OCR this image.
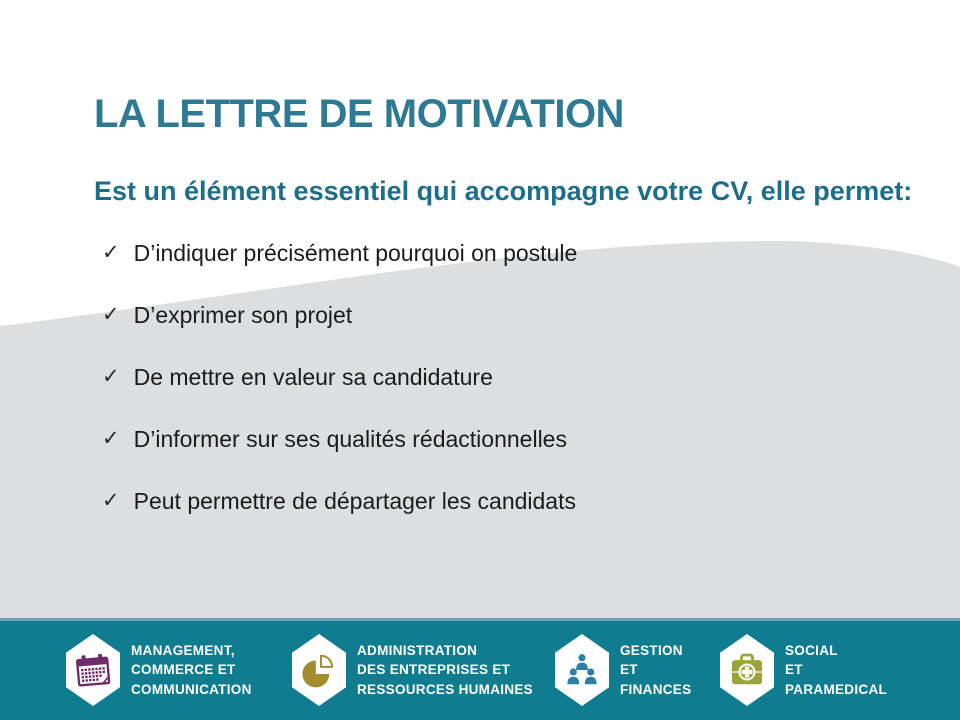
LA LETTRE DE MOTIVATION
Est un élément essentiel qui accompagne votre CV, elle permet:
✓ D’indiquer précisément pourquoi on postule
✓ D’exprimer son projet
✓ De mettre en valeur sa candidature
✓ D’informer sur ses qualités rédactionnelles
✓ Peut permettre de départager les candidats
MANAGEMENT,
COMMERCE ET
COMMUNICATION
ADMINISTRATION
DES ENTREPRISES ET
RESSOURCES HUMAINES
GESTION
ET
FINANCES
SOCIAL
ET
PARAMEDICAL
